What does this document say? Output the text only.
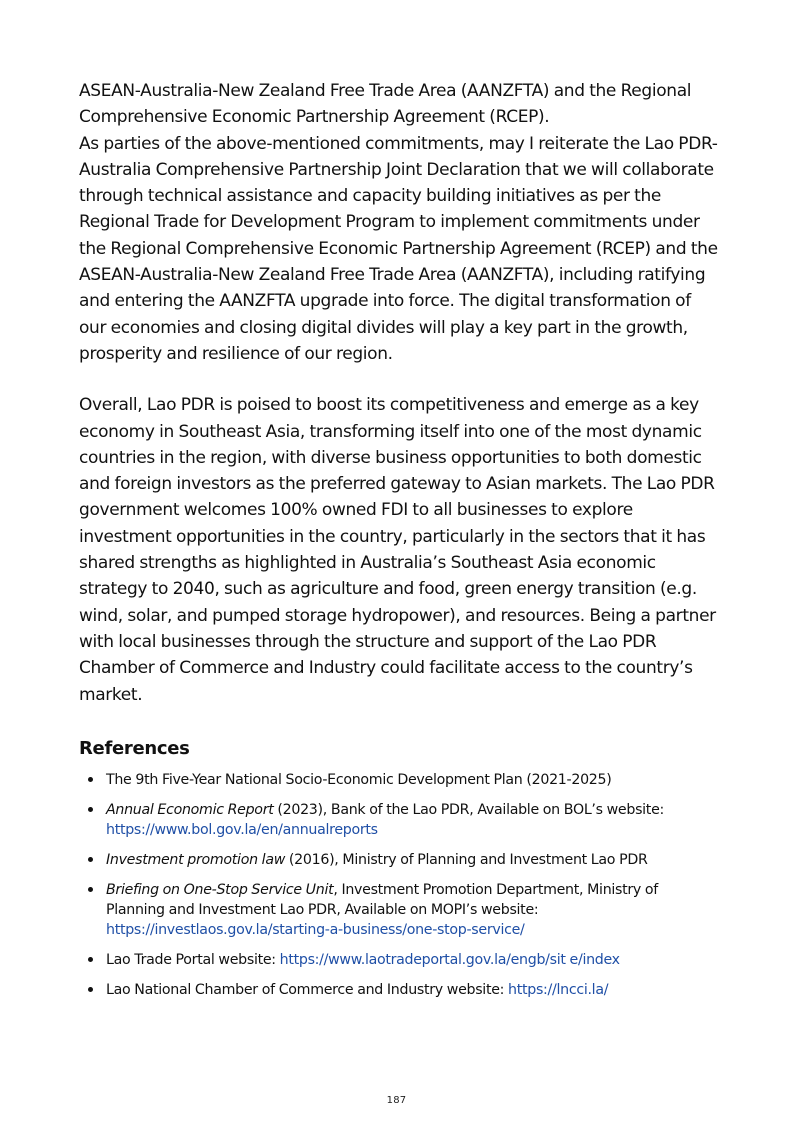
ASEAN-Australia-New Zealand Free Trade Area (AANZFTA) and the Regional Comprehensive Economic Partnership Agreement (RCEP).

As parties of the above-mentioned commitments, may I reiterate the Lao PDR-Australia Comprehensive Partnership Joint Declaration that we will collaborate through technical assistance and capacity building initiatives as per the Regional Trade for Development Program to implement commitments under the Regional Comprehensive Economic Partnership Agreement (RCEP) and the ASEAN-Australia-New Zealand Free Trade Area (AANZFTA), including ratifying and entering the AANZFTA upgrade into force. The digital transformation of our economies and closing digital divides will play a key part in the growth, prosperity and resilience of our region.

Overall, Lao PDR is poised to boost its competitiveness and emerge as a key economy in Southeast Asia, transforming itself into one of the most dynamic countries in the region, with diverse business opportunities to both domestic and foreign investors as the preferred gateway to Asian markets. The Lao PDR government welcomes 100% owned FDI to all businesses to explore investment opportunities in the country, particularly in the sectors that it has shared strengths as highlighted in Australia’s Southeast Asia economic strategy to 2040, such as agriculture and food, green energy transition (e.g. wind, solar, and pumped storage hydropower), and resources. Being a partner with local businesses through the structure and support of the Lao PDR Chamber of Commerce and Industry could facilitate access to the country’s market.

References
The 9th Five-Year National Socio-Economic Development Plan (2021-2025)
Annual Economic Report (2023), Bank of the Lao PDR, Available on BOL’s website:
https://www.bol.gov.la/en/annualreports
Investment promotion law (2016), Ministry of Planning and Investment Lao PDR
Briefing on One-Stop Service Unit, Investment Promotion Department, Ministry of Planning and Investment Lao PDR, Available on MOPI’s website:
https://investlaos.gov.la/starting-a-business/one-stop-service/
Lao Trade Portal website: https://www.laotradeportal.gov.la/engb/sit e/index
Lao National Chamber of Commerce and Industry website: https://lncci.la/
187
